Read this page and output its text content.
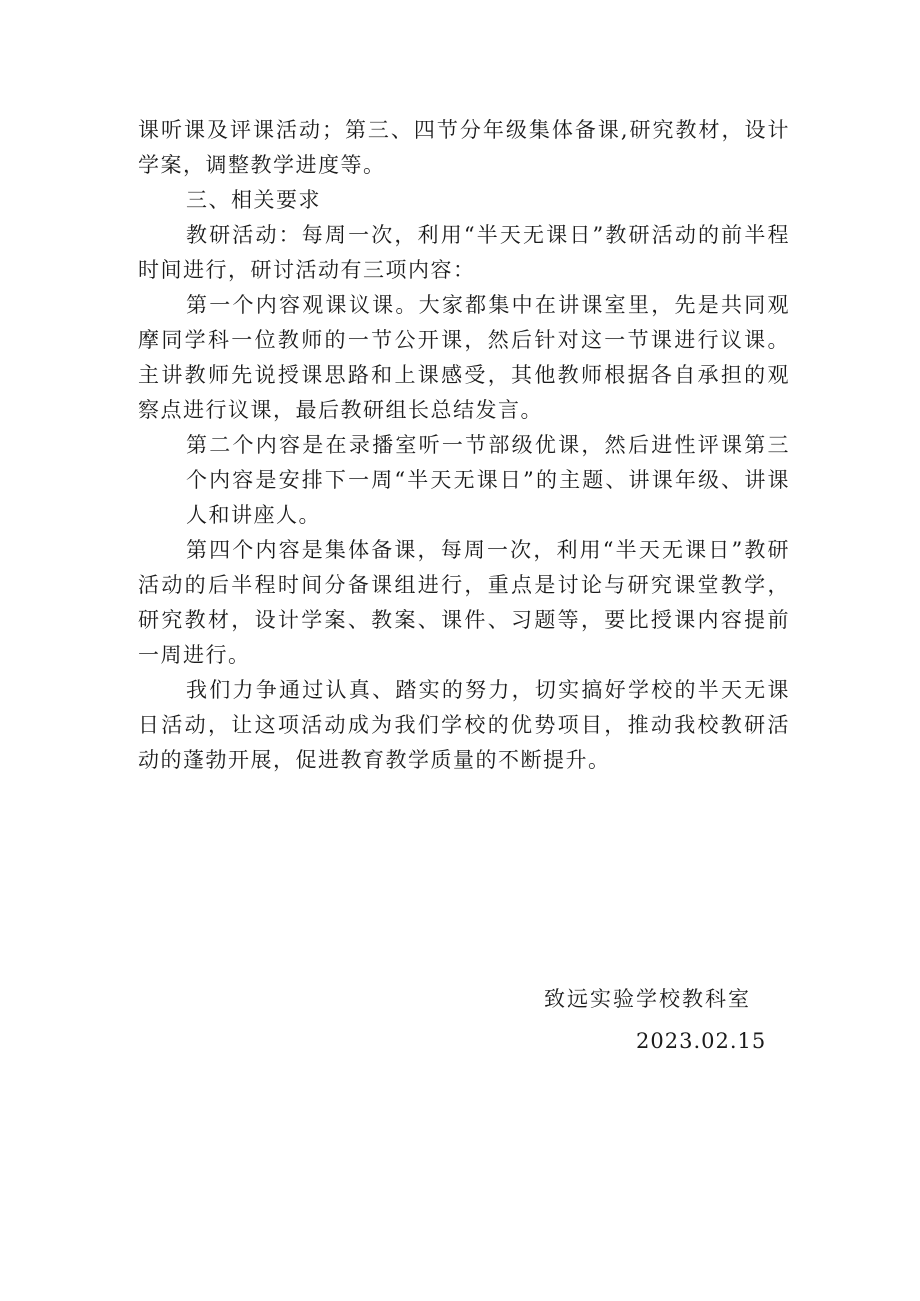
课听课及评课活动；第三、四节分年级集体备课,研究教材，设计学案，调整教学进度等。

三、相关要求

教研活动：每周一次，利用“半天无课日”教研活动的前半程时间进行，研讨活动有三项内容：

第一个内容观课议课。大家都集中在讲课室里，先是共同观摩同学科一位教师的一节公开课，然后针对这一节课进行议课。主讲教师先说授课思路和上课感受，其他教师根据各自承担的观察点进行议课，最后教研组长总结发言。

第二个内容是在录播室听一节部级优课，然后进性评课第三个内容是安排下一周“半天无课日”的主题、讲课年级、讲课人和讲座人。

第四个内容是集体备课，每周一次，利用“半天无课日”教研活动的后半程时间分备课组进行，重点是讨论与研究课堂教学，研究教材，设计学案、教案、课件、习题等，要比授课内容提前一周进行。

我们力争通过认真、踏实的努力，切实搞好学校的半天无课日活动，让这项活动成为我们学校的优势项目，推动我校教研活动的蓬勃开展，促进教育教学质量的不断提升。

致远实验学校教科室
2023.02.15
